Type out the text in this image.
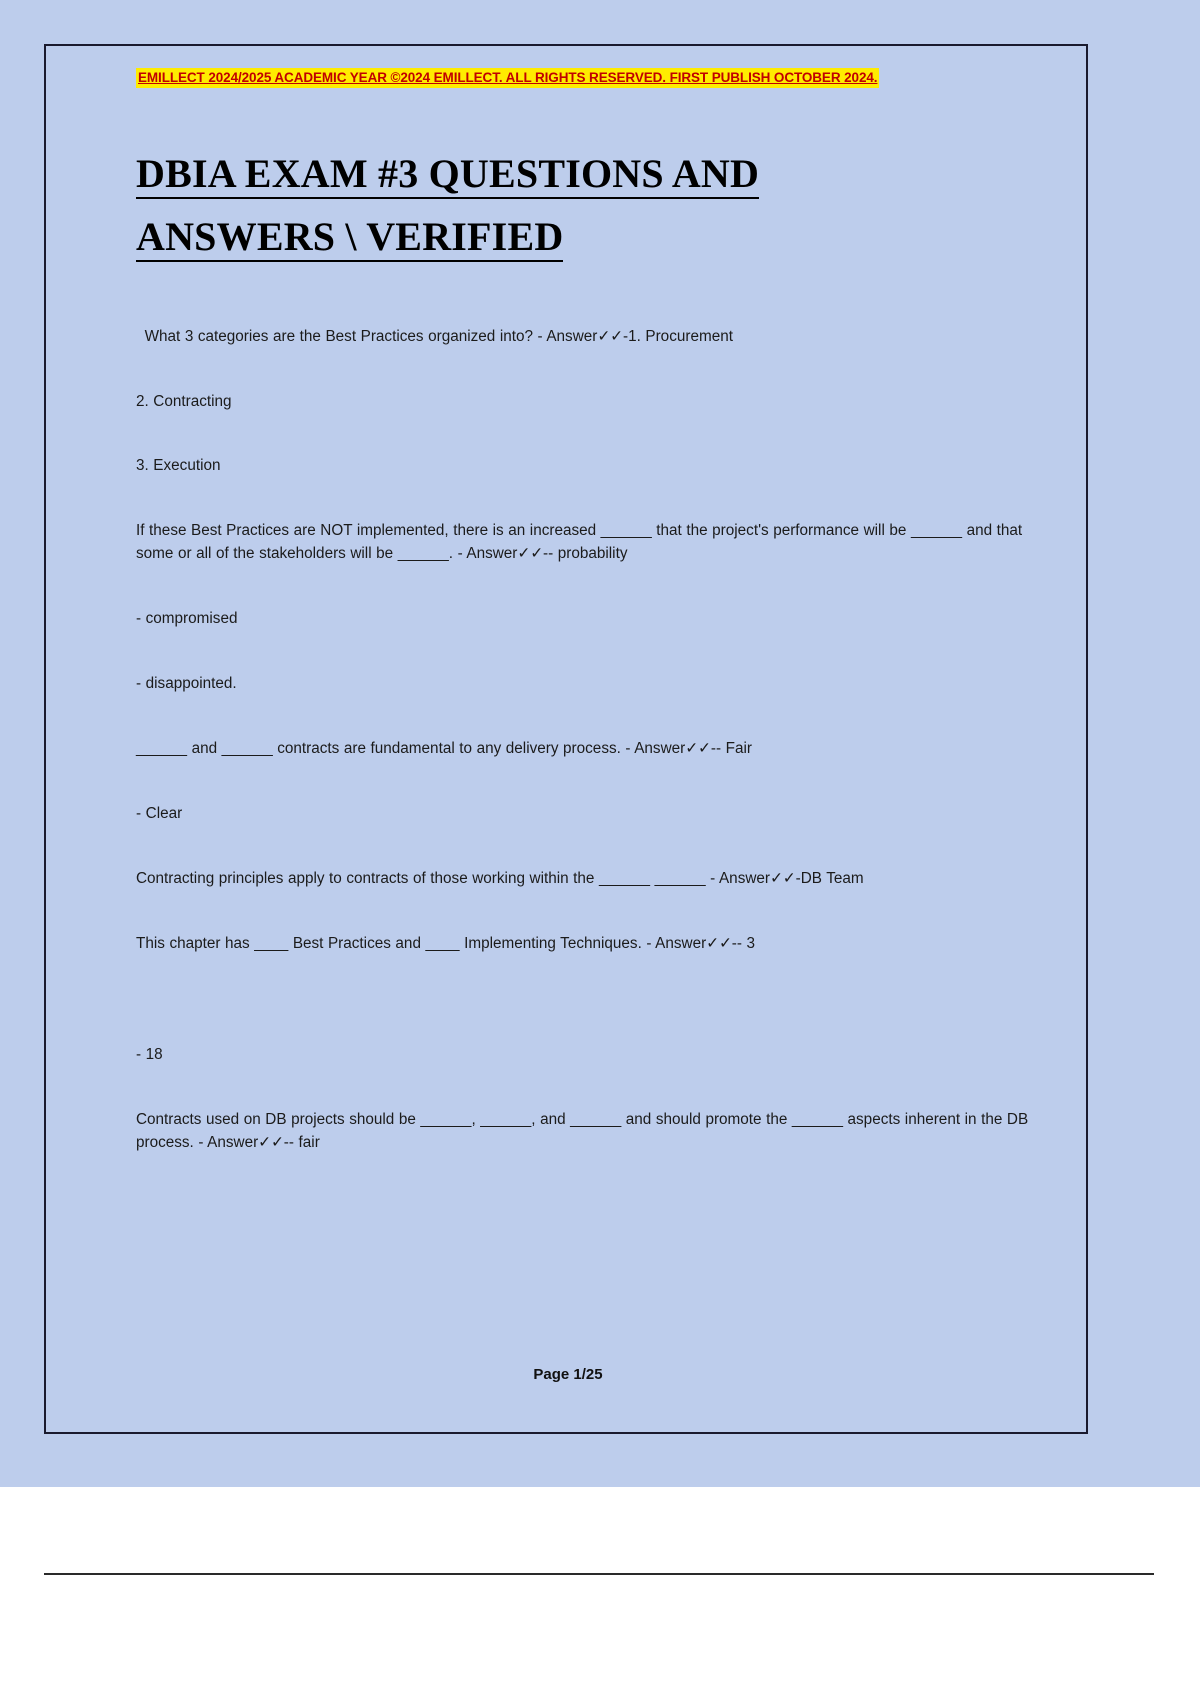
EMILLECT 2024/2025 ACADEMIC YEAR ©2024 EMILLECT. ALL RIGHTS RESERVED. FIRST PUBLISH OCTOBER 2024.
DBIA EXAM #3 QUESTIONS AND
ANSWERS \ VERIFIED

What 3 categories are the Best Practices organized into? - Answer✓✓-1. Procurement

2. Contracting

3. Execution

If these Best Practices are NOT implemented, there is an increased ______ that the project's performance will be ______ and that some or all of the stakeholders will be ______. - Answer✓✓-- probability

- compromised

- disappointed.

______ and ______ contracts are fundamental to any delivery process. - Answer✓✓-- Fair

- Clear

Contracting principles apply to contracts of those working within the ______ ______ - Answer✓✓-DB Team

This chapter has ____ Best Practices and ____ Implementing Techniques. - Answer✓✓-- 3

- 18

Contracts used on DB projects should be ______, ______, and ______ and should promote the ______ aspects inherent in the DB process. - Answer✓✓-- fair

Page 1/25
